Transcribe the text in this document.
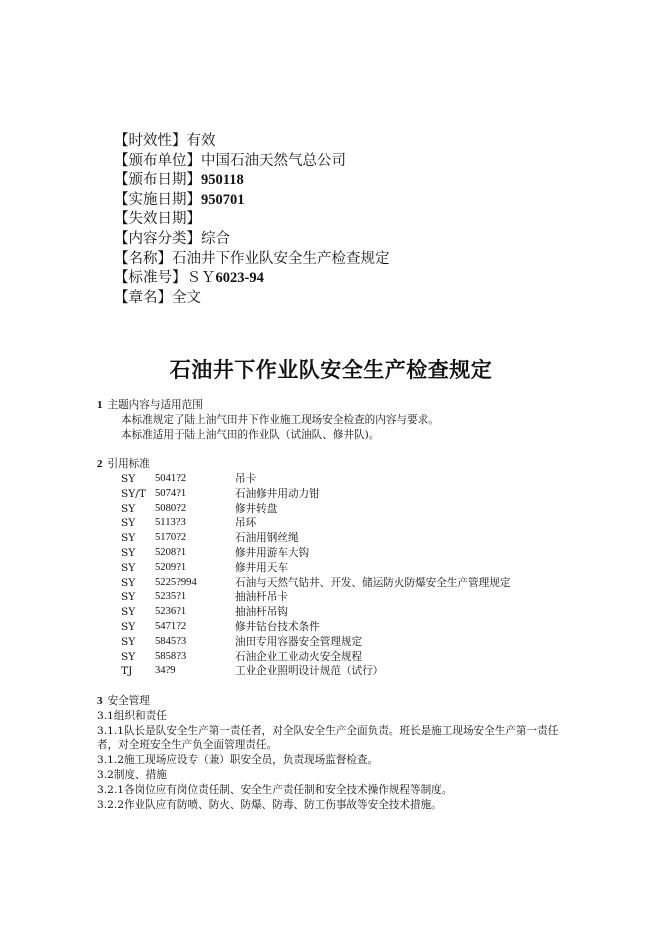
【时效性】有效
【颁布单位】中国石油天然气总公司
【颁布日期】950118
【实施日期】950701
【失效日期】
【内容分类】综合
【名称】石油井下作业队安全生产检查规定
【标准号】ＳＹ6023-94
【章名】全文
石油井下作业队安全生产检查规定
1 主题内容与适用范围
本标准规定了陆上油气田井下作业施工现场安全检查的内容与要求。
本标准适用于陆上油气田的作业队（试油队、修井队)。
2 引用标准
SY	5041?2	吊卡
SY/T 5074?1	石油修井用动力钳
SY	5080?2	修井转盘
SY	5113?3	吊环
SY	5170?2	石油用钢丝绳
SY	5208?1	修井用游车大钩
SY	5209?1	修井用天车
SY	5225?994	石油与天然气钻井、开发、储运防火防爆安全生产管理规定
SY	5235?1	抽油杆吊卡
SY	5236?1	抽油杆吊钩
SY	5471?2	修井钻台技术条件
SY	5845?3	油田专用容器安全管理规定
SY	5858?3	石油企业工业动火安全规程
TJ	34?9	工业企业照明设计规范（试行）
3 安全管理
3.1组织和责任
3.1.1队长是队安全生产第一责任者，对全队安全生产全面负责。班长是施工现场安全生产第一责任者，对全班安全生产负全面管理责任。
3.1.2施工现场应设专（兼）职安全员，负责现场监督检查。
3.2制度、措施
3.2.1各岗位应有岗位责任制、安全生产责任制和安全技术操作规程等制度。
3.2.2作业队应有防喷、防火、防爆、防毒、防工伤事故等安全技术措施。
